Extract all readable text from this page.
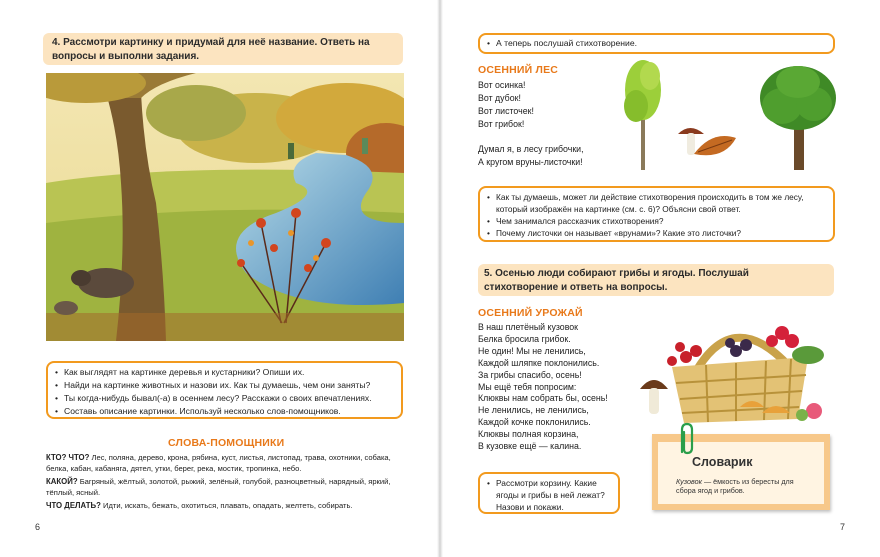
4. Рассмотри картинку и придумай для неё название. Ответь на вопросы и выполни задания.
• Как выглядят на картинке деревья и кустарники? Опиши их.
• Найди на картинке животных и назови их. Как ты думаешь, чем они заняты?
• Ты когда-нибудь бывал(-а) в осеннем лесу? Расскажи о своих впечатлениях.
• Составь описание картинки. Используй несколько слов-помощников.
СЛОВА-ПОМОЩНИКИ

КТО? ЧТО? Лес, поляна, дерево, крона, рябина, куст, листья, листопад, трава, охотники, собака, белка, кабан, кабаняга, дятел, утки, берег, река, мостик, тропинка, небо.

КАКОЙ? Багряный, жёлтый, золотой, рыжий, зелёный, голубой, разноцветный, нарядный, яркий, тёплый, ясный.

ЧТО ДЕЛАТЬ? Идти, искать, бежать, охотиться, плавать, опадать, желтеть, собирать.

6
• А теперь послушай стихотворение.
ОСЕННИЙ ЛЕС
Вот осинка!
Вот дубок!
Вот листочек!
Вот грибок!
Думал я, в лесу грибочки,
А кругом вруны-листочки!
• Как ты думаешь, может ли действие стихотворения происходить в том же лесу, который изображён на картинке (см. с. 6)? Объясни свой ответ.
• Чем занимался рассказчик стихотворения?
• Почему листочки он называет «врунами»? Какие это листочки?
5. Осенью люди собирают грибы и ягоды. Послушай стихотворение и ответь на вопросы.
ОСЕННИЙ УРОЖАЙ
В наш плетёный кузовок
Белка бросила грибок.
Не один! Мы не ленились,
Каждой шляпке поклонились.
За грибы спасибо, осень!
Мы ещё тебя попросим:
Клюквы нам собрать бы, осень!
Не ленились, не ленились,
Каждой кочке поклонились.
Клюквы полная корзина,
В кузовке ещё — калина.
• Рассмотри корзину. Какие ягоды и грибы в ней лежат? Назови и покажи.
Словарик
Кузовок — ёмкость из бересты для сбора ягод и грибов.
7
